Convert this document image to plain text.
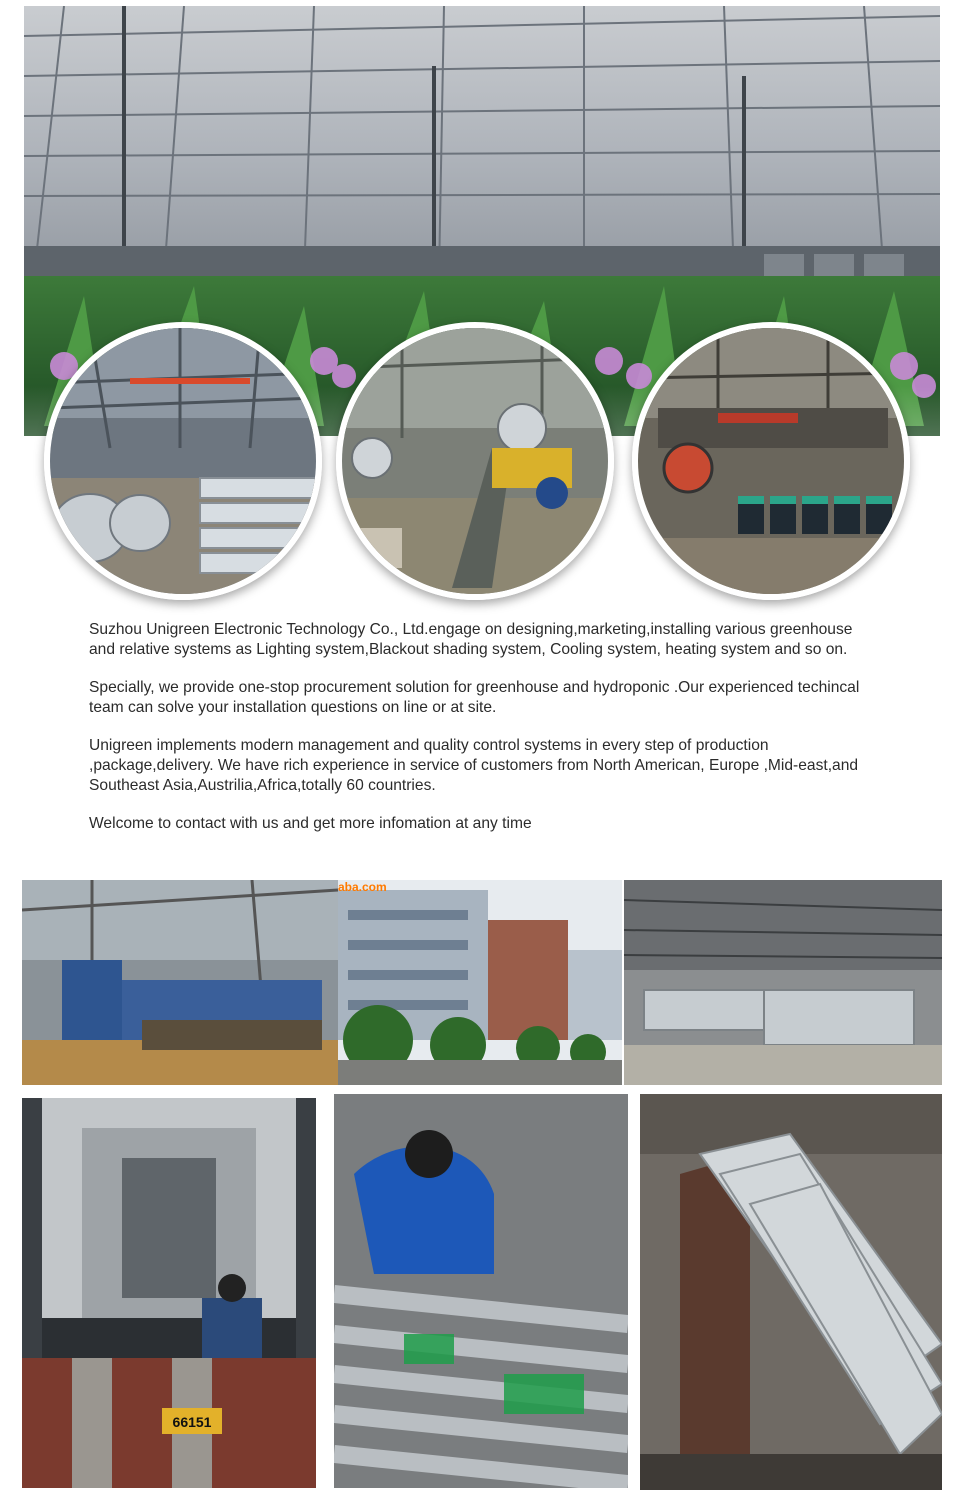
Suzhou Unigreen Electronic Technology Co., Ltd.engage on designing,marketing,installing various greenhouse and relative systems as Lighting system,Blackout shading system, Cooling system, heating system and so on.

Specially, we provide one-stop procurement solution for greenhouse and hydroponic .Our experienced techincal team can solve your installation questions on line or at site.

Unigreen implements modern management and quality control systems in every step of production ,package,delivery. We have rich experience in service of customers from North American, Europe ,Mid-east,and Southeast Asia,Austrilia,Africa,totally 60 countries.

Welcome to contact with us and get more infomation at any time

aba.com
66151
